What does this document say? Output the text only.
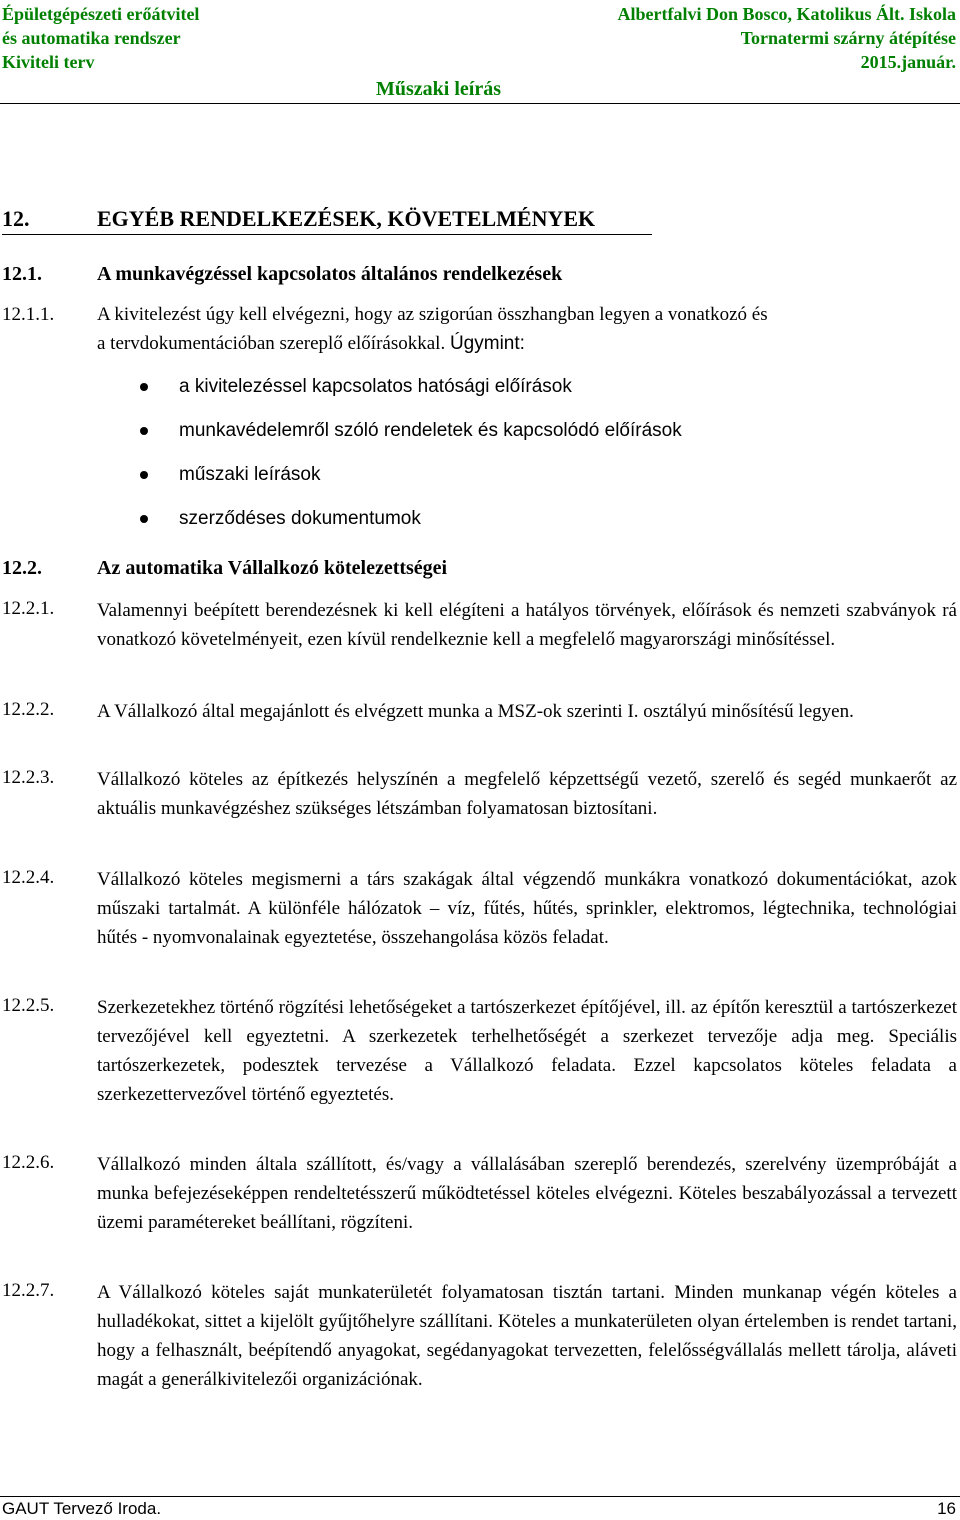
Épületgépészeti erőátvitel
és automatika rendszer
Kiviteli terv
Albertfalvi Don Bosco, Katolikus Ált. Iskola
Tornatermi szárny átépítése
2015.január.
Műszaki leírás
12.	EGYÉB RENDELKEZÉSEK, KÖVETELMÉNYEK
12.1.	A munkavégzéssel kapcsolatos általános rendelkezések
12.1.1. A kivitelezést úgy kell elvégezni, hogy az szigorúan összhangban legyen a vonatkozó és
a tervdokumentációban szereplő előírásokkal. Úgymint:
a kivitelezéssel kapcsolatos hatósági előírások
munkavédelemről szóló rendeletek és kapcsolódó előírások
műszaki leírások
szerződéses dokumentumok
12.2.	Az automatika Vállalkozó kötelezettségei
12.2.1. Valamennyi beépített berendezésnek ki kell elégíteni a hatályos törvények, előírások és nemzeti szabványok rá vonatkozó követelményeit, ezen kívül rendelkeznie kell a megfelelő magyarországi minősítéssel.
12.2.2. A Vállalkozó által megajánlott és elvégzett munka a MSZ-ok szerinti I. osztályú minősítésű legyen.
12.2.3. Vállalkozó köteles az építkezés helyszínén a megfelelő képzettségű vezető, szerelő és segéd munkaerőt az aktuális munkavégzéshez szükséges létszámban folyamatosan biztosítani.
12.2.4. Vállalkozó köteles megismerni a társ szakágak által végzendő munkákra vonatkozó dokumentációkat, azok műszaki tartalmát. A különféle hálózatok – víz, fűtés, hűtés, sprinkler, elektromos, légtechnika, technológiai hűtés - nyomvonalainak egyeztetése, összehangolása közös feladat.
12.2.5. Szerkezetekhez történő rögzítési lehetőségeket a tartószerkezet építőjével, ill. az építőn keresztül a tartószerkezet tervezőjével kell egyeztetni. A szerkezetek terhelhetőségét a szerkezet tervezője adja meg. Speciális tartószerkezetek, podesztek tervezése a Vállalkozó feladata. Ezzel kapcsolatos köteles feladata a szerkezettervezővel történő egyeztetés.
12.2.6. Vállalkozó minden általa szállított, és/vagy a vállalásában szereplő berendezés, szerelvény üzempróbáját a munka befejezéseképpen rendeltetésszerű működtetéssel köteles elvégezni. Köteles beszabályozással a tervezett üzemi paramétereket beállítani, rögzíteni.
12.2.7. A Vállalkozó köteles saját munkaterületét folyamatosan tisztán tartani. Minden munkanap végén köteles a hulladékokat, sittet a kijelölt gyűjtőhelyre szállítani. Köteles a munkaterületen olyan értelemben is rendet tartani, hogy a felhasznált, beépítendő anyagokat, segédanyagokat tervezetten, felelősségvállalás mellett tárolja, aláveti magát a generálkivitelezői organizációnak.
GAUT Tervező Iroda.	16
